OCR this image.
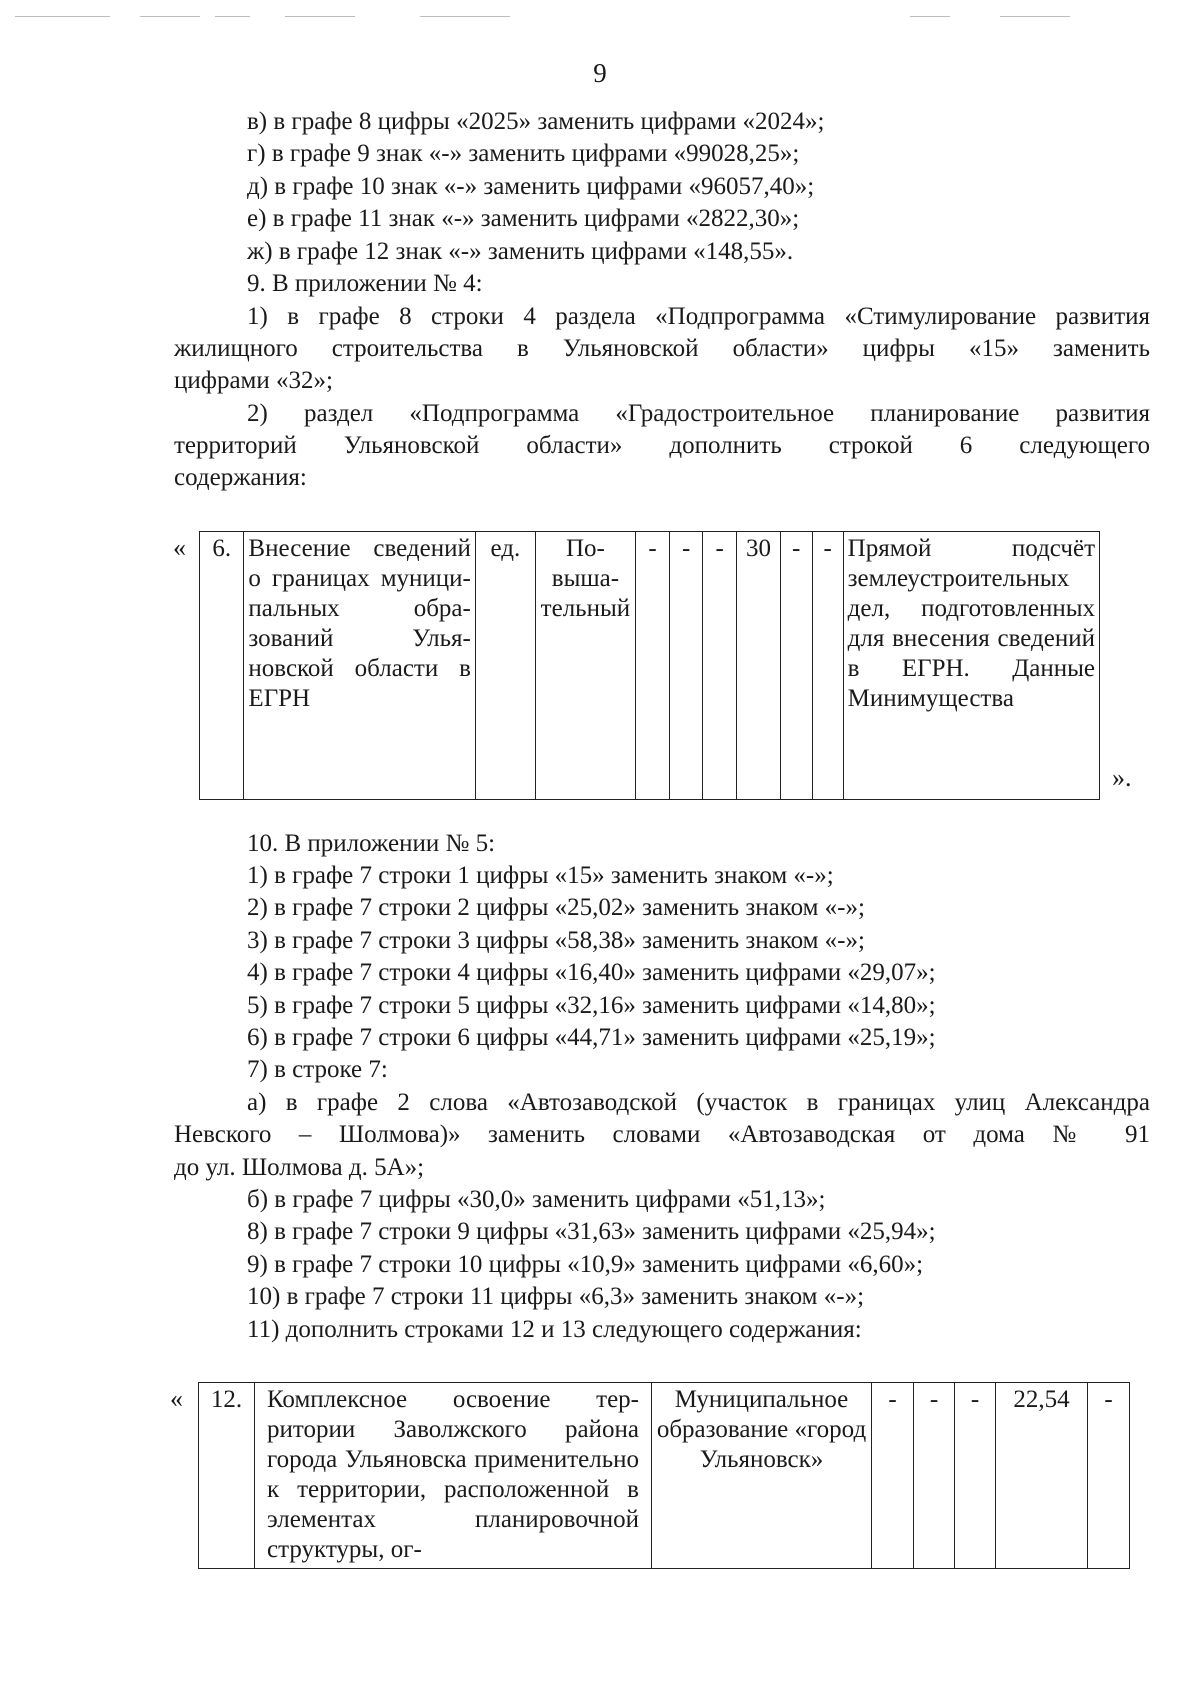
9
в) в графе 8 цифры «2025» заменить цифрами «2024»;
г) в графе 9 знак «-» заменить цифрами «99028,25»;
д) в графе 10 знак «-» заменить цифрами «96057,40»;
е) в графе 11 знак «-» заменить цифрами «2822,30»;
ж) в графе 12 знак «-» заменить цифрами «148,55».
9. В приложении № 4:
1) в графе 8 строки 4 раздела «Подпрограмма «Стимулирование развития
жилищного строительства в Ульяновской области» цифры «15» заменить
цифрами «32»;
2) раздел «Подпрограмма «Градостроительное планирование развития
территорий Ульяновской области» дополнить строкой 6 следующего
содержания:
« 6.	Внесение сведений о границах муниципальных образований Ульяновской области в ЕГРН	ед.	Повышательный	-	-	-	30	-	-	Прямой подсчёт землеустроительных дел, подготовленных для внесения сведений в ЕГРН. Данные Минимущества
».
10. В приложении № 5:
1) в графе 7 строки 1 цифры «15» заменить знаком «-»;
2) в графе 7 строки 2 цифры «25,02» заменить знаком «-»;
3) в графе 7 строки 3 цифры «58,38» заменить знаком «-»;
4) в графе 7 строки 4 цифры «16,40» заменить цифрами «29,07»;
5) в графе 7 строки 5 цифры «32,16» заменить цифрами «14,80»;
6) в графе 7 строки 6 цифры «44,71» заменить цифрами «25,19»;
7) в строке 7:
а) в графе 2 слова «Автозаводской (участок в границах улиц Александра
Невского – Шолмова)» заменить словами «Автозаводская от дома № 91
до ул. Шолмова д. 5А»;
б) в графе 7 цифры «30,0» заменить цифрами «51,13»;
8) в графе 7 строки 9 цифры «31,63» заменить цифрами «25,94»;
9) в графе 7 строки 10 цифры «10,9» заменить цифрами «6,60»;
10) в графе 7 строки 11 цифры «6,3» заменить знаком «-»;
11) дополнить строками 12 и 13 следующего содержания:
« 12.	Комплексное освоение территории Заволжского района города Ульяновска применительно к территории, расположенной в элементах планировочной структуры, ог-	Муниципальное образование «город Ульяновск»	-	-	-	22,54	-
